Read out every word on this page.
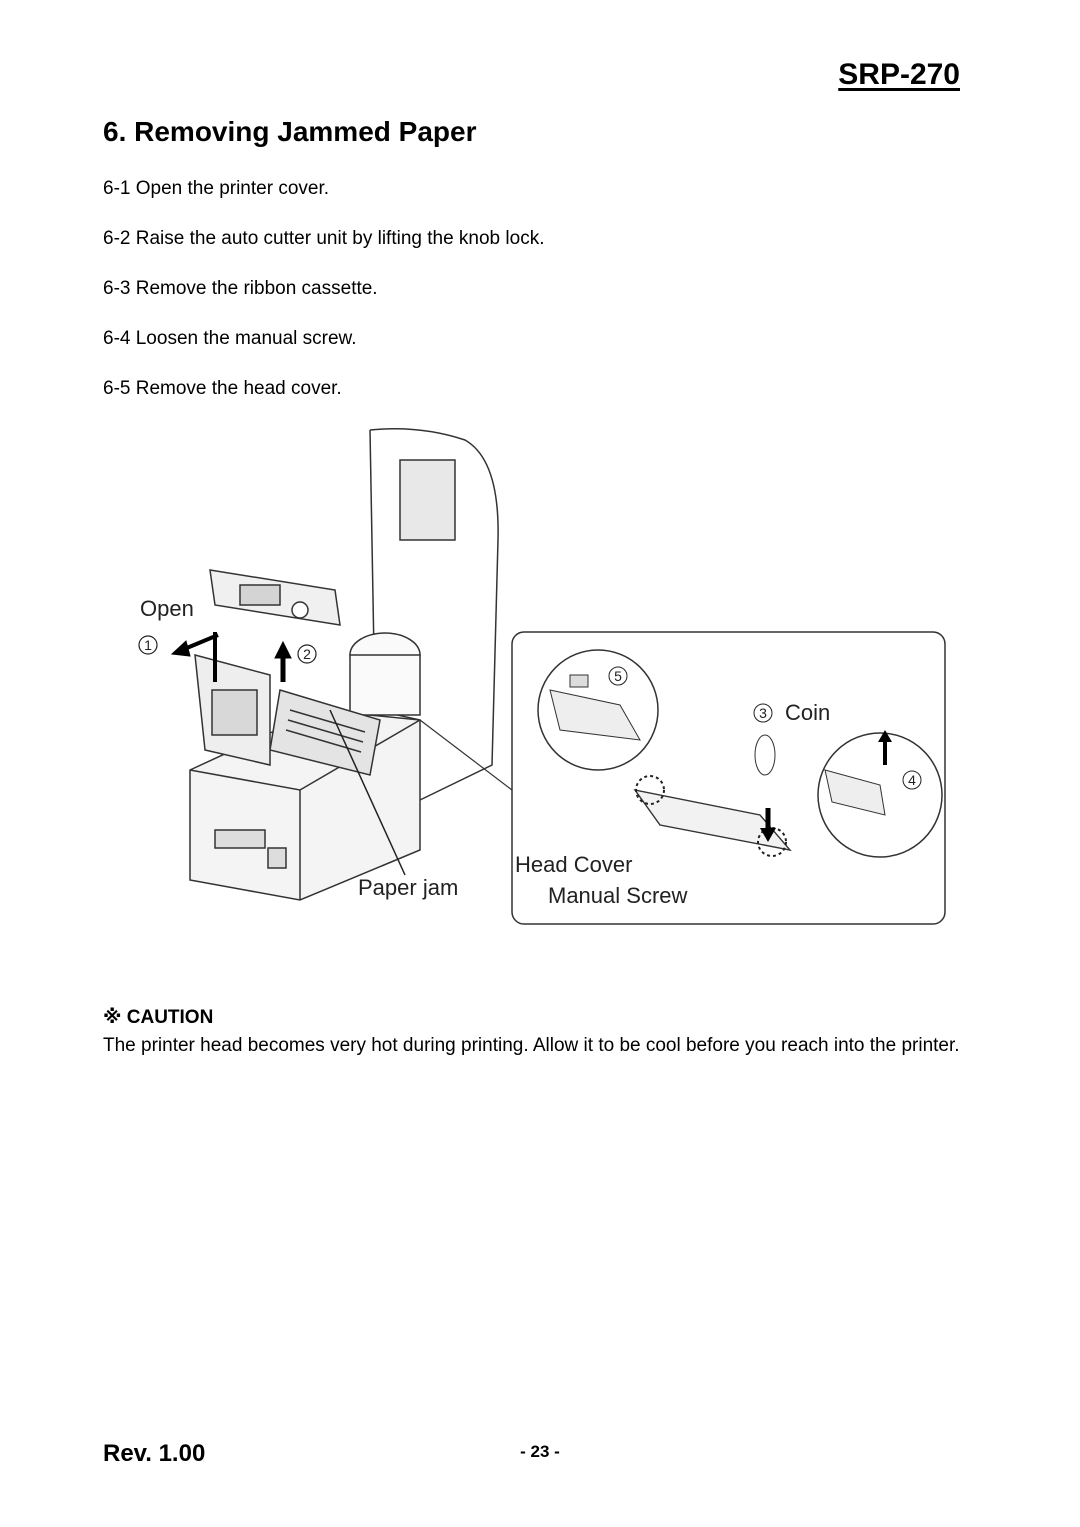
SRP-270
6. Removing Jammed Paper
6-1 Open the printer cover.
6-2 Raise the auto cutter unit by lifting the knob lock.
6-3 Remove the ribbon cassette.
6-4 Loosen the manual screw.
6-5 Remove the head cover.
1
2
Open
Paper jam
5
3 Coin
4
Head Cover
Manual Screw

※ CAUTION

The printer head becomes very hot during printing. Allow it to be cool before you reach into the printer.

Rev. 1.00	- 23 -
